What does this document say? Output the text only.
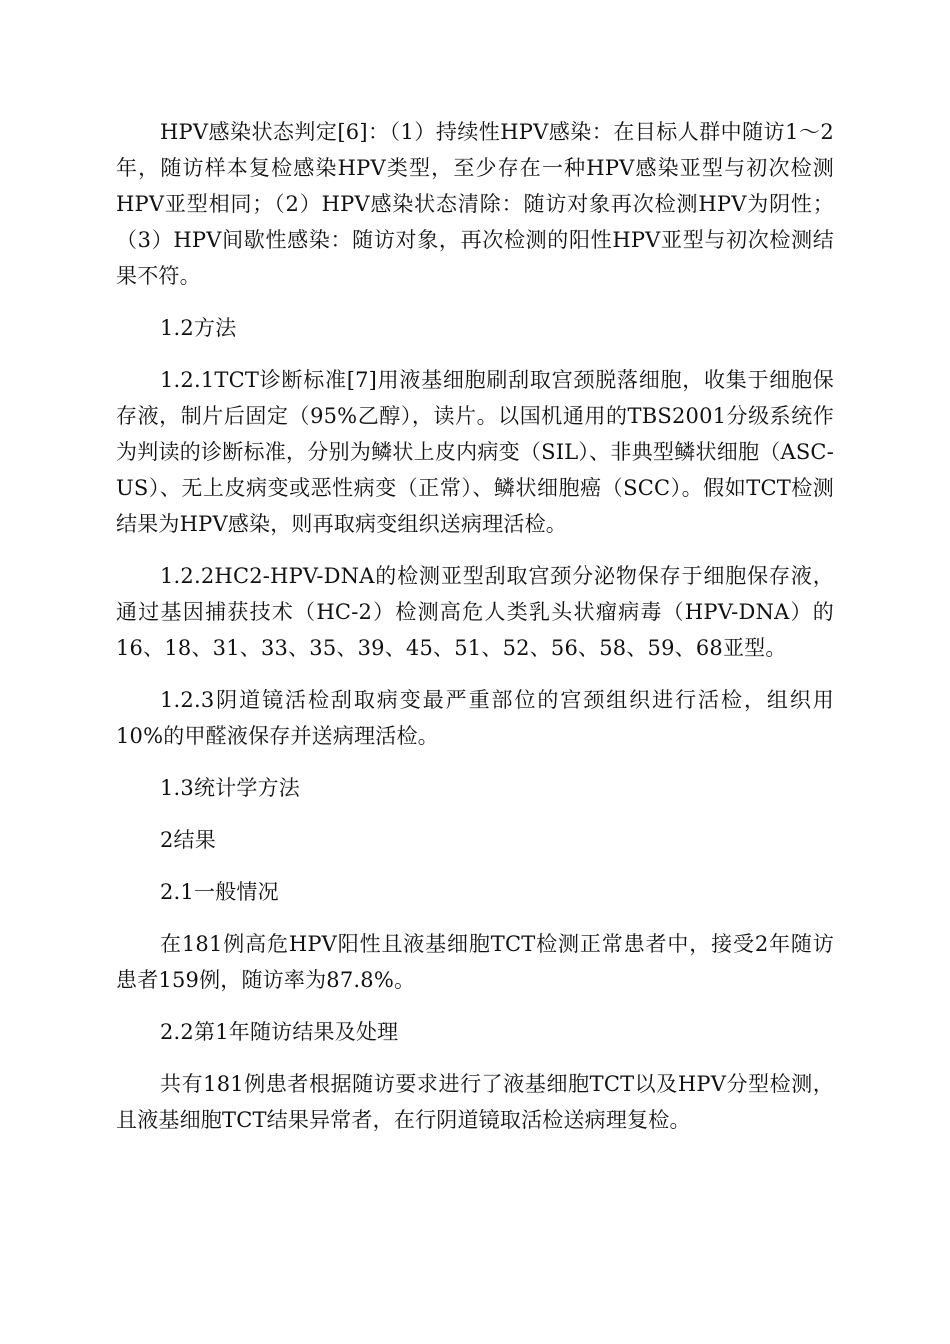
HPV感染状态判定[6]：（1）持续性HPV感染：在目标人群中随访1～2年，随访样本复检感染HPV类型，至少存在一种HPV感染亚型与初次检测HPV亚型相同；（2）HPV感染状态清除：随访对象再次检测HPV为阴性；（3）HPV间歇性感染：随访对象，再次检测的阳性HPV亚型与初次检测结果不符。

1.2方法

1.2.1TCT诊断标准[7]用液基细胞刷刮取宫颈脱落细胞，收集于细胞保存液，制片后固定（95%乙醇），读片。以国机通用的TBS2001分级系统作为判读的诊断标准，分别为鳞状上皮内病变（SIL）、非典型鳞状细胞（ASC-US）、无上皮病变或恶性病变（正常）、鳞状细胞癌（SCC）。假如TCT检测结果为HPV感染，则再取病变组织送病理活检。

1.2.2HC2-HPV-DNA的检测亚型刮取宫颈分泌物保存于细胞保存液，通过基因捕获技术（HC-2）检测高危人类乳头状瘤病毒（HPV-DNA）的16、18、31、33、35、39、45、51、52、56、58、59、68亚型。

1.2.3阴道镜活检刮取病变最严重部位的宫颈组织进行活检，组织用10%的甲醛液保存并送病理活检。

1.3统计学方法

2结果

2.1一般情况

在181例高危HPV阳性且液基细胞TCT检测正常患者中，接受2年随访患者159例，随访率为87.8%。

2.2第1年随访结果及处理

共有181例患者根据随访要求进行了液基细胞TCT以及HPV分型检测，且液基细胞TCT结果异常者，在行阴道镜取活检送病理复检。
